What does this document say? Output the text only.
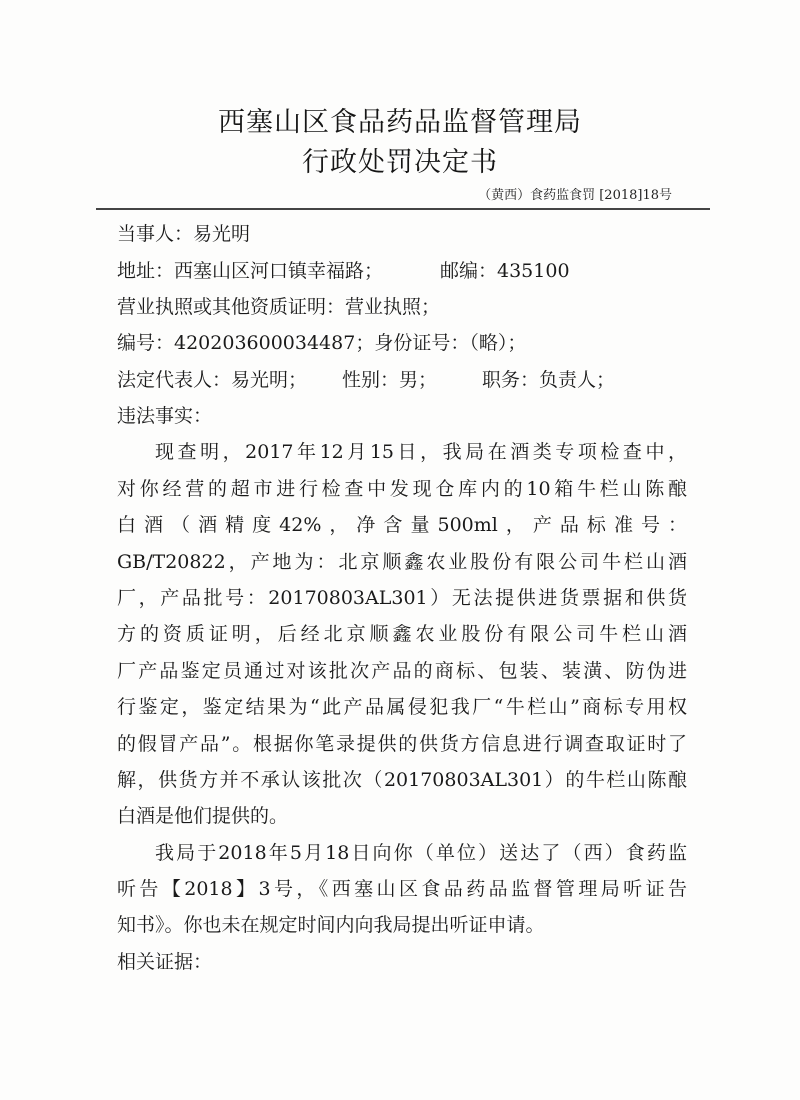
西塞山区食品药品监督管理局
行政处罚决定书
（黄西）食药监食罚 [2018]18号
当事人：易光明
地址：西塞山区河口镇幸福路；	邮编：435100
营业执照或其他资质证明：营业执照；
编号：420203600034487；身份证号：（略）；
法定代表人：易光明； 性别：男； 职务：负责人；
违法事实：
现查明，2017年12月15日，我局在酒类专项检查中，
对你经营的超市进行检查中发现仓库内的10箱牛栏山陈酿
白酒（酒精度42%，净含量500ml，产品标准号：
GB/T20822，产地为：北京顺鑫农业股份有限公司牛栏山酒
厂，产品批号：20170803AL301）无法提供进货票据和供货
方的资质证明，后经北京顺鑫农业股份有限公司牛栏山酒
厂产品鉴定员通过对该批次产品的商标、包装、装潢、防伪进
行鉴定，鉴定结果为“此产品属侵犯我厂“牛栏山”商标专用权
的假冒产品”。根据你笔录提供的供货方信息进行调查取证时了
解，供货方并不承认该批次（20170803AL301）的牛栏山陈酿
白酒是他们提供的。
我局于2018年5月18日向你（单位）送达了（西）食药监
听告【2018】3号，《西塞山区食品药品监督管理局听证告
知书》。你也未在规定时间内向我局提出听证申请。
相关证据：
